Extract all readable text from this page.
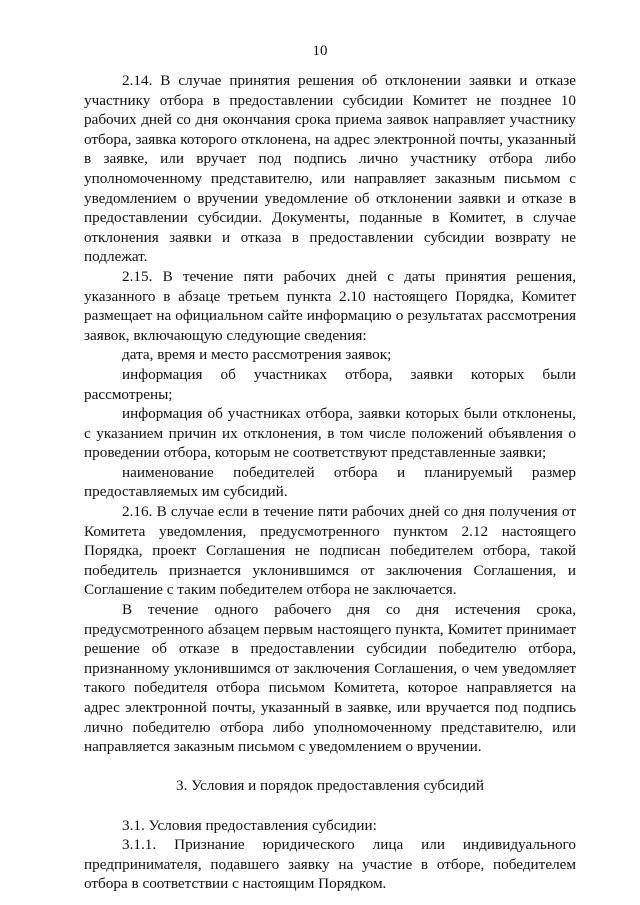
10

2.14. В случае принятия решения об отклонении заявки и отказе участнику отбора в предоставлении субсидии Комитет не позднее 10 рабочих дней со дня окончания срока приема заявок направляет участнику отбора, заявка которого отклонена, на адрес электронной почты, указанный в заявке, или вручает под подпись лично участнику отбора либо уполномоченному представителю, или направляет заказным письмом с уведомлением о вручении уведомление об отклонении заявки и отказе в предоставлении субсидии. Документы, поданные в Комитет, в случае отклонения заявки и отказа в предоставлении субсидии возврату не подлежат.

2.15. В течение пяти рабочих дней с даты принятия решения, указанного в абзаце третьем пункта 2.10 настоящего Порядка, Комитет размещает на официальном сайте информацию о результатах рассмотрения заявок, включающую следующие сведения:

дата, время и место рассмотрения заявок;

информация об участниках отбора, заявки которых были рассмотрены;

информация об участниках отбора, заявки которых были отклонены, с указанием причин их отклонения, в том числе положений объявления о проведении отбора, которым не соответствуют представленные заявки;

наименование победителей отбора и планируемый размер предоставляемых им субсидий.

2.16. В случае если в течение пяти рабочих дней со дня получения от Комитета уведомления, предусмотренного пунктом 2.12 настоящего Порядка, проект Соглашения не подписан победителем отбора, такой победитель признается уклонившимся от заключения Соглашения, и Соглашение с таким победителем отбора не заключается.

В течение одного рабочего дня со дня истечения срока, предусмотренного абзацем первым настоящего пункта, Комитет принимает решение об отказе в предоставлении субсидии победителю отбора, признанному уклонившимся от заключения Соглашения, о чем уведомляет такого победителя отбора письмом Комитета, которое направляется на адрес электронной почты, указанный в заявке, или вручается под подпись лично победителю отбора либо уполномоченному представителю, или направляется заказным письмом с уведомлением о вручении.

3. Условия и порядок предоставления субсидий

3.1. Условия предоставления субсидии:

3.1.1. Признание юридического лица или индивидуального предпринимателя, подавшего заявку на участие в отборе, победителем отбора в соответствии с настоящим Порядком.
